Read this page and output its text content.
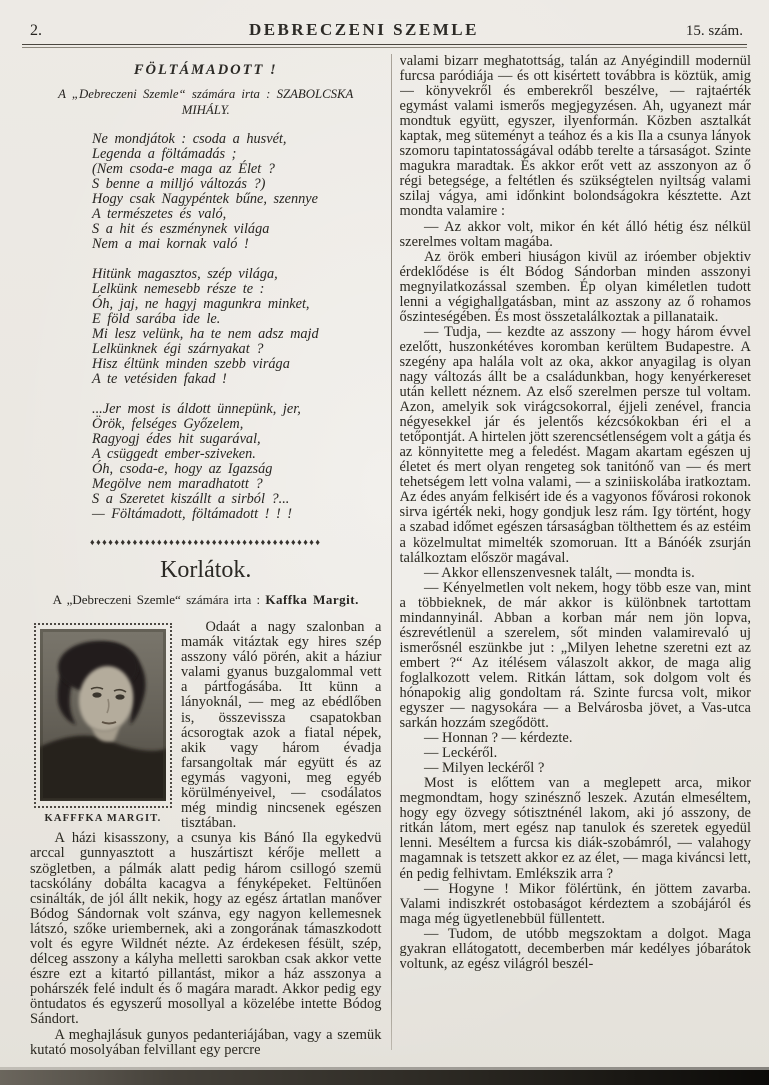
2.	DEBRECZENI SZEMLE	15. szám.
FÖLTÁMADOTT !
A „Debreczeni Szemle“ számára irta : SZABOLCSKA MIHÁLY.
Ne mondjátok : csoda a husvét,
Legenda a föltámadás ;
(Nem csoda-e maga az Élet ?
S benne a milljó változás ?)
Hogy csak Nagypéntek bűne, szennye
A természetes és való,
S a hit és eszménynek világa
Nem a mai kornak való !
Hitünk magasztos, szép világa,
Lelkünk nemesebb része te :
Óh, jaj, ne hagyj magunkra minket,
E föld sarába ide le.
Mi lesz velünk, ha te nem adsz majd
Lelkünknek égi szárnyakat ?
Hisz éltünk minden szebb virága
A te vetésiden fakad !
...Jer most is áldott ünnepünk, jer,
Örök, felséges Győzelem,
Ragyogj édes hit sugarával,
A csüggedt ember-sziveken.
Óh, csoda-e, hogy az Igazság
Megölve nem maradhatott ?
S a Szeretet kiszállt a sirból ?...
— Föltámadott, föltámadott ! ! !
♦♦♦♦♦♦♦♦♦♦♦♦♦♦♦♦♦♦♦♦♦♦♦♦♦♦♦♦♦♦♦♦♦♦♦♦♦♦
Korlátok.
A „Debreczeni Szemle“ számára irta : Kaffka Margit.
KAFFFKA MARGIT.

Odaát a nagy szalonban a mamák vitáztak egy hires szép asszony váló pörén, akit a háziur valami gyanus buzgalommal vett a pártfogásába. Itt künn a lányoknál, — meg az ebédlőben is, összevissza csapatokban ácsorogtak azok a fiatal népek, akik vagy három évadja farsangoltak már együtt és az egymás vagyoni, meg egyéb körülményeivel, — csodálatos még mindig nincsenek egészen tisztában.

A házi kisasszony, a csunya kis Bánó Ila egykedvü arccal gunnyasztott a huszártiszt kérője mellett a szögletben, a pálmák alatt pedig három csillogó szemü tacskólány dobálta kacagva a fényképeket. Feltünően csinálták, de jól állt nekik, hogy az egész ártatlan manőver Bódog Sándornak volt szánva, egy nagyon kellemesnek látszó, szőke uriembernek, aki a zongorának támaszkodott volt és egyre Wildnét nézte. Az érdekesen fésült, szép, délceg asszony a kályha melletti sarokban csak akkor vette észre ezt a kitartó pillantást, mikor a ház asszonya a pohárszék felé indult és ő magára maradt. Akkor pedig egy öntudatos és egyszerű mosollyal a közelébe intette Bódog Sándort.

A meghajlásuk gunyos pedanteriájában, vagy a szemük kutató mosolyában felvillant egy percre

valami bizarr meghatottság, talán az Anyégindill modernül furcsa paródiája — és ott kisértett továbbra is köztük, amig — könyvekről és emberekről beszélve, — rajtaérték egymást valami ismerős megjegyzésen. Ah, ugyanezt már mondtuk együtt, egyszer, ilyenformán. Közben asztalkát kaptak, meg süteményt a teához és a kis Ila a csunya lányok szomoru tapintatosságával odább terelte a társaságot. Szinte magukra maradtak. És akkor erőt vett az asszonyon az ő régi betegsége, a feltétlen és szükségtelen nyiltság valami szilaj vágya, ami időnkint bolondságokra késztette. Azt mondta valamire :

— Az akkor volt, mikor én két álló hétig ész nélkül szerelmes voltam magába.

Az örök emberi hiuságon kivül az iróember objektiv érdeklődése is élt Bódog Sándorban minden asszonyi megnyilatkozással szemben. Ép olyan kiméletlen tudott lenni a végighallgatásban, mint az asszony az ő rohamos őszinteségében. És most összetalálkoztak a pillanataik.

— Tudja, — kezdte az asszony — hogy három évvel ezelőtt, huszonkétéves koromban kerültem Budapestre. A szegény apa halála volt az oka, akkor anyagilag is olyan nagy változás állt be a családunkban, hogy kenyérkereset után kellett néznem. Az első szerelmen persze tul voltam. Azon, amelyik sok virágcsokorral, éjjeli zenével, francia négyesekkel jár és jelentős kézcsókokban éri el a tetőpontját. A hirtelen jött szerencsétlenségem volt a gátja és az könnyitette meg a feledést. Magam akartam egészen uj életet és mert olyan rengeteg sok tanitónő van — és mert tehetségem lett volna valami, — a sziniiskolába iratkoztam. Az édes anyám felkisért ide és a vagyonos fővárosi rokonok sirva igérték neki, hogy gondjuk lesz rám. Igy történt, hogy a szabad időmet egészen társaságban tölthettem és az estéim a közelmultat mimelték szomoruan. Itt a Bánóék zsurján találkoztam először magával.

— Akkor ellenszenvesnek talált, — mondta is.

— Kényelmetlen volt nekem, hogy több esze van, mint a többieknek, de már akkor is különbnek tartottam mindannyinál. Abban a korban már nem jön lopva, észrevétlenül a szerelem, sőt minden valamirevaló uj ismerősnél eszünkbe jut : „Milyen lehetne szeretni ezt az embert ?“ Az itélésem válaszolt akkor, de maga alig foglalkozott velem. Ritkán láttam, sok dolgom volt és hónapokig alig gondoltam rá. Szinte furcsa volt, mikor egyszer — nagysokára — a Belvárosba jövet, a Vas-utca sarkán hozzám szegődött.

— Honnan ? — kérdezte.

— Leckéről.

— Milyen leckéről ?

Most is előttem van a meglepett arca, mikor megmondtam, hogy szinésznő leszek. Azután elmeséltem, hogy egy özvegy sótisztnénél lakom, aki jó asszony, de ritkán látom, mert egész nap tanulok és szeretek egyedül lenni. Meséltem a furcsa kis diák-szobámról, — valahogy magamnak is tetszett akkor ez az élet, — maga kiváncsi lett, én pedig felhivtam. Emlékszik arra ?

— Hogyne ! Mikor fölértünk, én jöttem zavarba. Valami indiszkrét ostobaságot kérdeztem a szobájáról és maga még ügyetlenebbül füllentett.

— Tudom, de utóbb megszoktam a dolgot. Maga gyakran ellátogatott, decemberben már kedélyes jóbarátok voltunk, az egész világról beszél-
